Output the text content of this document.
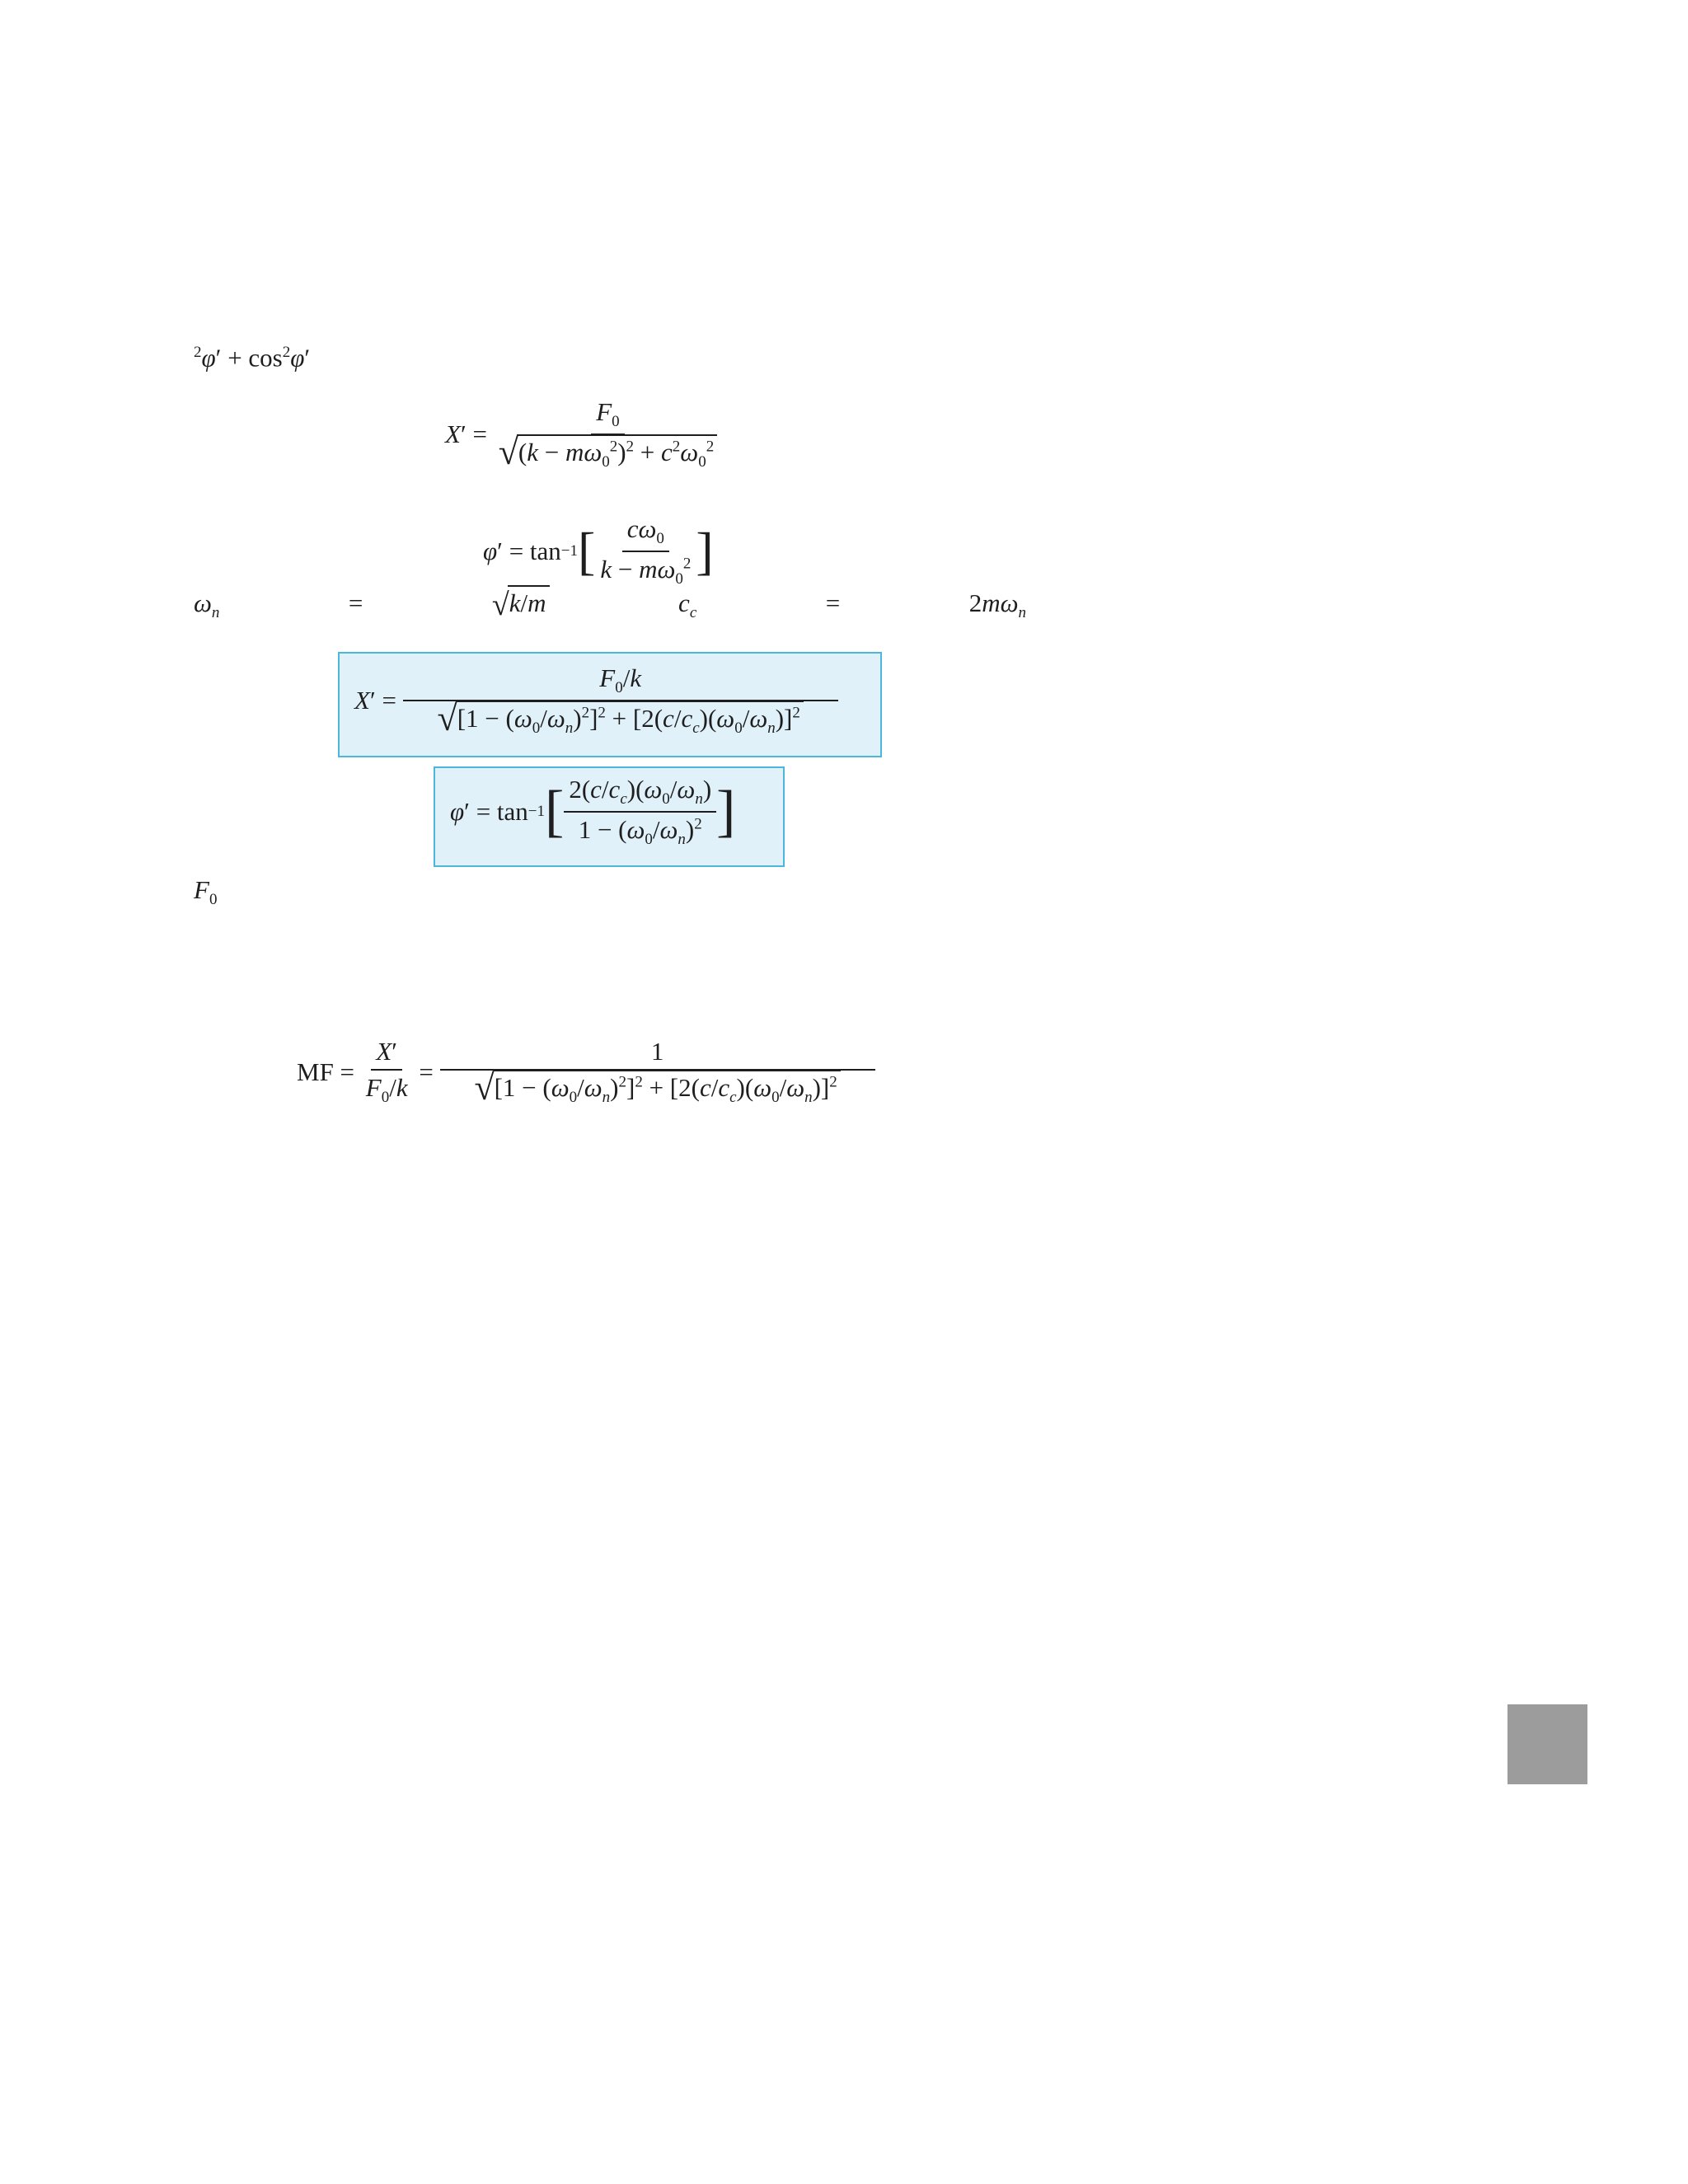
$^2\varphi' + \cos^2\varphi'$
X ′ = $\frac{F_0}{√(k - m\omega_0^2)^2 + c^2\omega_0^2}$
φ ′ = tan −1 [ $\frac{c\omega_0}{k - m\omega_0^2}$ ]
$\omega_n = √k/m$	$c_c = 2m\omega_n$
X ′ = $\frac{F_0/k}{√[1 - (\omega_0/\omega_n)^2]^2 + [2(c/c_c)(\omega_0/\omega_n)]^2}$
φ ′ = tan −1 [ $\frac{2(c/c_c)(\omega_0/\omega_n)}{1 - (\omega_0/\omega_n)^2}$ ]
$F_0$
MF = $\frac{X'}{F_0/k} = \frac{1}{√[1 - (\omega_0/\omega_n)^2]^2 + [2(c/c_c)(\omega_0/\omega_n)]^2}$
